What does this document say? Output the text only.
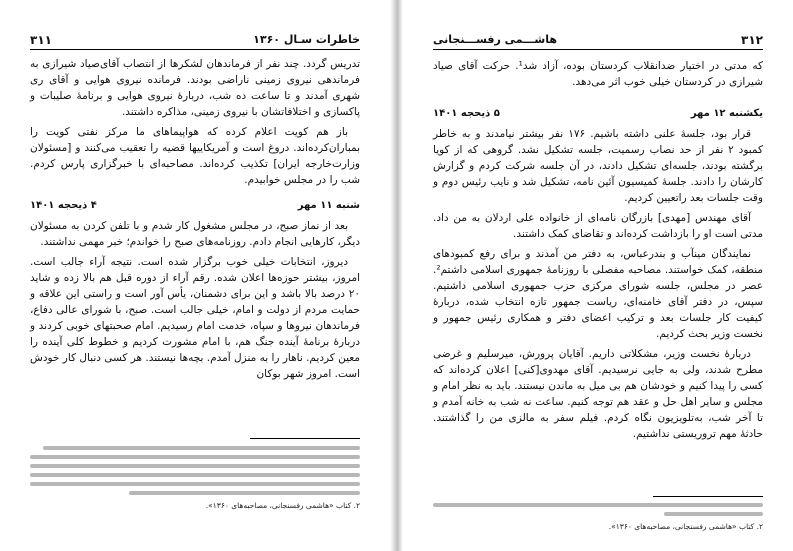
۳۱۱	خاطرات سـال ۱۳۶۰

تدریس گردد. چند نفر از فرماندهان لشکرها از انتصاب آقای‌صیاد شیرازی به فرماندهی نیروی زمینی ناراضی بودند. فرمانده نیروی هوایی و آقای ری شهری آمدند و تا ساعت ده شب، دربارهٔ نیروی هوایی و برنامهٔ صلیبات و پاکسازی و اختلافاتشان با نیروی زمینی، مذاکره داشتند.

باز هم کویت اعلام کرده که هواپیماهای ما مرکز نفتی کویت را بمباران‌کرده‌اند. دروغ است و آمریکاییها قضیه را تعقیب می‌کنند و [مسئولان وزارت‌خارجه ایران] تکذیب کرده‌اند. مصاحبه‌ای با خبرگزاری پارس کردم. شب را در مجلس خوابیدم.

شنبه ۱۱ مهر
۴ ذیحجه ۱۴۰۱

بعد از نماز صبح، در مجلس مشغول کار شدم و با تلفن کردن به مسئولان دیگر، کارهایی انجام دادم. روزنامه‌های صبح را خواندم؛ خبر مهمی نداشتند.

دیروز، انتخابات خیلی خوب برگزار شده است. نتیجه آراء جالب است. امروز، بیشتر حوزه‌ها اعلان شده. رقم آراء از دوره قبل هم بالا زده و شاید ۲۰ درصد بالا باشد و این برای دشمنان، یأس آور است و راستی این علاقه و حمایت مردم از دولت و امام، خیلی جالب است. صبح، با شورای عالی دفاع، فرماندهان نیروها و سپاه، خدمت امام رسیدیم. امام صحبتهای خوبی کردند و دربارهٔ برنامهٔ آینده جنگ هم، با امام مشورت کردیم و خطوط کلی آینده را معین کردیم. ناهار را به منزل آمدم. بچه‌ها نیستند. هر کسی دنبال کار خودش است. امروز شهر بوکان

۲. کتاب «هاشمی رفسنجانی، مصاحبه‌های ۱۳۶۰».
۳۱۲
هاشـــمی رفســـنجانی

که مدتی در اختیار ضدانقلاب کردستان بوده، آزاد شد¹. حرکت آقای صیاد شیرازی در کردستان خیلی خوب اثر می‌دهد.

یکشنبه ۱۲ مهر
۵ ذیحجه ۱۴۰۱

قرار بود، جلسهٔ علنی داشته باشیم. ۱۷۶ نفر بیشتر نیامدند و به خاطر کمبود ۲ نفر از حد نصاب رسمیت، جلسه تشکیل نشد. گروهی که از کویا برگشته بودند، جلسه‌ای تشکیل دادند، در آن جلسه شرکت کردم و گزارش کارشان را دادند. جلسهٔ کمیسیون آئین نامه، تشکیل شد و نایب رئیس دوم و وقت جلسات بعد راتعیین کردیم.

آقای مهندس [مهدی] بازرگان نامه‌ای از خانواده علی اردلان به من داد. مدتی است او را بازداشت کرده‌اند و تقاضای کمک داشتند.

نمایندگان مینآب و بندرعباس، به دفتر من آمدند و برای رفع کمبودهای منطقه، کمک خواستند. مصاحبه مفصلی با روزنامهٔ جمهوری اسلامی داشتم². عصر در مجلس، جلسه شورای مرکزی حزب جمهوری اسلامی داشتیم. سپس، در دفتر آقای خامنه‌ای، ریاست جمهور تازه انتخاب شده، دربارهٔ کیفیت کار جلسات بعد و ترکیب اعضای دفتر و همکاری رئیس جمهور و نخست وزیر بحث کردیم.

دربارهٔ نخست وزیر، مشکلاتی داریم. آقایان پرورش، میرسلیم و غرضی مطرح شدند، ولی به جایی نرسیدیم. آقای مهدوی[کنی] اعلان کرده‌اند که کسی را پیدا کنیم و خودشان هم بی میل به ماندن نیستند. باید به نظر امام و مجلس و سایر اهل حل و عقد هم توجه کنیم. ساعت نه شب به خانه آمدم و تا آخر شب، به‌تلویزیون نگاه کردم. فیلم سفر به مالزی من را گذاشتند. حادثهٔ مهم تروریستی نداشتیم.

۲. کتاب «هاشمی رفسنجانی، مصاحبه‌های ۱۳۶۰».
